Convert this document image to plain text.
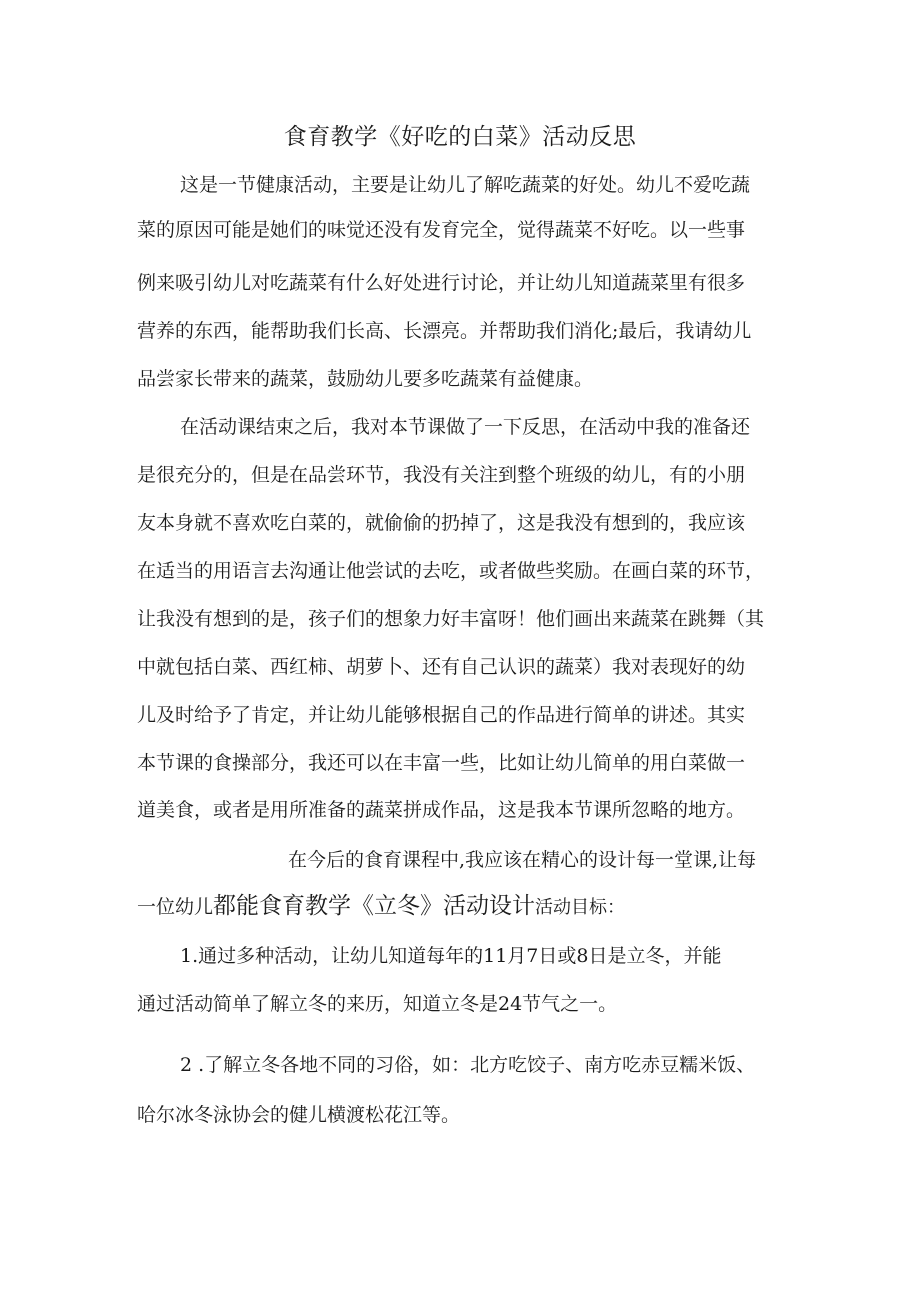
食育教学《好吃的白菜》活动反思
这是一节健康活动，主要是让幼儿了解吃蔬菜的好处。幼儿不爱吃蔬
菜的原因可能是她们的味觉还没有发育完全，觉得蔬菜不好吃。以一些事
例来吸引幼儿对吃蔬菜有什么好处进行讨论，并让幼儿知道蔬菜里有很多
营养的东西，能帮助我们长高、长漂亮。并帮助我们消化;最后，我请幼儿
品尝家长带来的蔬菜，鼓励幼儿要多吃蔬菜有益健康。
在活动课结束之后，我对本节课做了一下反思，在活动中我的准备还
是很充分的，但是在品尝环节，我没有关注到整个班级的幼儿，有的小朋
友本身就不喜欢吃白菜的，就偷偷的扔掉了，这是我没有想到的，我应该
在适当的用语言去沟通让他尝试的去吃，或者做些奖励。在画白菜的环节，
让我没有想到的是，孩子们的想象力好丰富呀！他们画出来蔬菜在跳舞（其
中就包括白菜、西红柿、胡萝卜、还有自己认识的蔬菜）我对表现好的幼
儿及时给予了肯定，并让幼儿能够根据自己的作品进行简单的讲述。其实
本节课的食操部分，我还可以在丰富一些，比如让幼儿简单的用白菜做一
道美食，或者是用所准备的蔬菜拼成作品，这是我本节课所忽略的地方。
在今后的食育课程中,我应该在精心的设计每一堂课,让每
一位幼儿都能食育教学《立冬》活动设计活动目标：
1.通过多种活动，让幼儿知道每年的11月7日或8日是立冬，并能
通过活动简单了解立冬的来历，知道立冬是24节气之一。
2 .了解立冬各地不同的习俗，如：北方吃饺子、南方吃赤豆糯米饭、
哈尔冰冬泳协会的健儿横渡松花江等。
